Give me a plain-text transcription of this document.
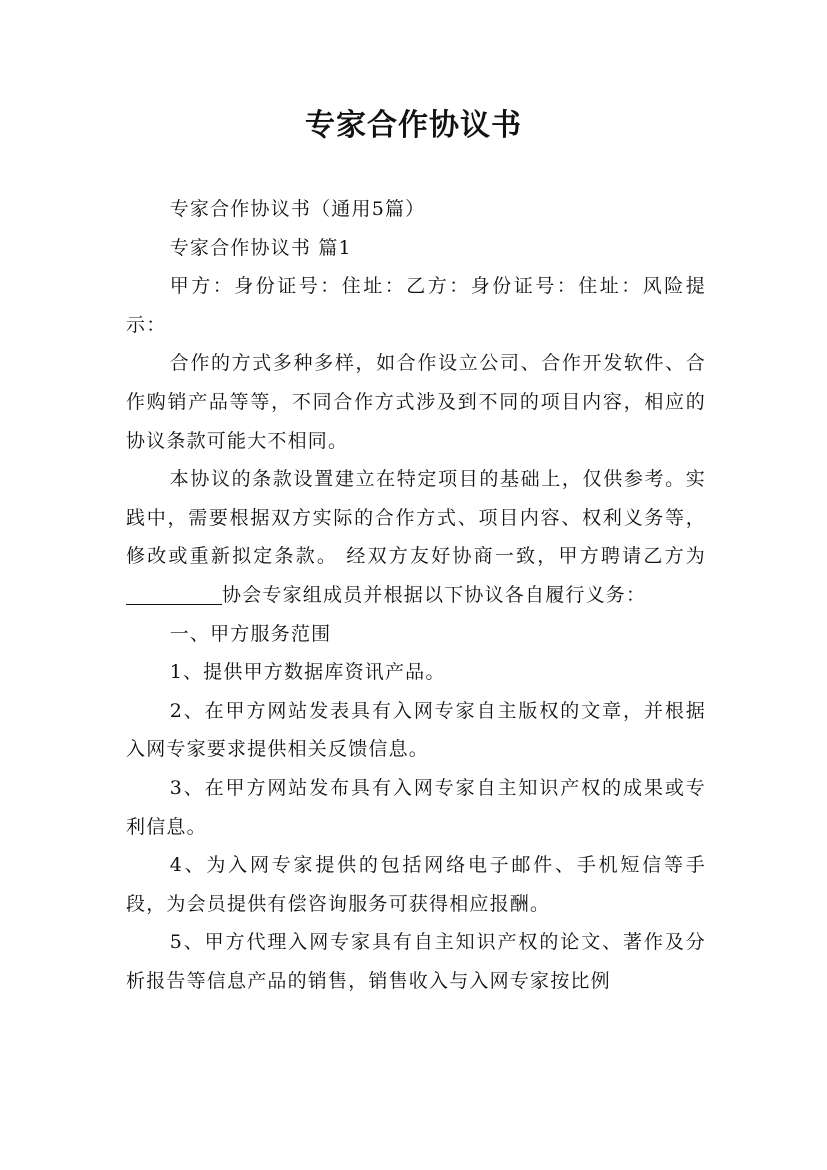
专家合作协议书

专家合作协议书（通用5篇）

专家合作协议书 篇1

甲方：身份证号：住址：乙方：身份证号：住址：风险提示：

合作的方式多种多样，如合作设立公司、合作开发软件、合作购销产品等等，不同合作方式涉及到不同的项目内容，相应的协议条款可能大不相同。

本协议的条款设置建立在特定项目的基础上，仅供参考。实践中，需要根据双方实际的合作方式、项目内容、权利义务等，修改或重新拟定条款。 经双方友好协商一致，甲方聘请乙方为协会专家组成员并根据以下协议各自履行义务：

一、甲方服务范围

1、提供甲方数据库资讯产品。

2、在甲方网站发表具有入网专家自主版权的文章，并根据入网专家要求提供相关反馈信息。

3、在甲方网站发布具有入网专家自主知识产权的成果或专利信息。

4、为入网专家提供的包括网络电子邮件、手机短信等手段，为会员提供有偿咨询服务可获得相应报酬。

5、甲方代理入网专家具有自主知识产权的论文、著作及分析报告等信息产品的销售，销售收入与入网专家按比例
